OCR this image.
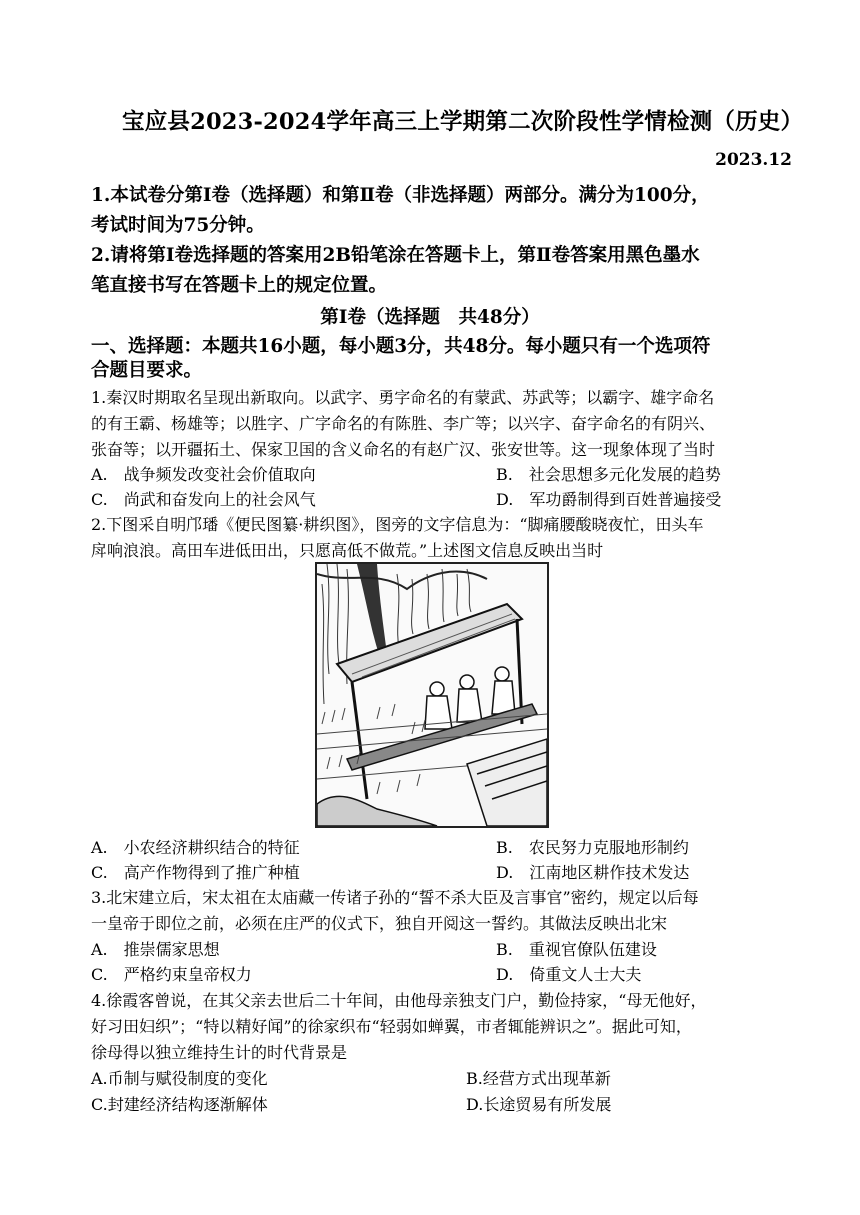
宝应县2023-2024学年高三上学期第二次阶段性学情检测（历史）
2023.12
1.本试卷分第Ⅰ卷（选择题）和第Ⅱ卷（非选择题）两部分。满分为100分，
考试时间为75分钟。
2.请将第Ⅰ卷选择题的答案用2B铅笔涂在答题卡上，第Ⅱ卷答案用黑色墨水
笔直接书写在答题卡上的规定位置。
第Ⅰ卷（选择题　共48分）
一、选择题：本题共16小题，每小题3分，共48分。每小题只有一个选项符
合题目要求。
1.秦汉时期取名呈现出新取向。以武字、勇字命名的有蒙武、苏武等；以霸字、雄字命名
的有王霸、杨雄等；以胜字、广字命名的有陈胜、李广等；以兴字、奋字命名的有阴兴、
张奋等；以开疆拓土、保家卫国的含义命名的有赵广汉、张安世等。这一现象体现了当时
A.　战争频发改变社会价值取向	B.　社会思想多元化发展的趋势
C.　尚武和奋发向上的社会风气	D.　军功爵制得到百姓普遍接受
2.下图采自明邝璠《便民图纂·耕织图》，图旁的文字信息为：“脚痛腰酸晓夜忙，田头车
戽响浪浪。高田车进低田出，只愿高低不做荒。”上述图文信息反映出当时
A.　小农经济耕织结合的特征	B.　农民努力克服地形制约
C.　高产作物得到了推广种植	D.　江南地区耕作技术发达
3.北宋建立后，宋太祖在太庙藏一传诸子孙的“誓不杀大臣及言事官”密约，规定以后每
一皇帝于即位之前，必须在庄严的仪式下，独自开阅这一誓约。其做法反映出北宋
A.　推崇儒家思想	B.　重视官僚队伍建设
C.　严格约束皇帝权力	D.　倚重文人士大夫
4.徐霞客曾说，在其父亲去世后二十年间，由他母亲独支门户，勤俭持家，“母无他好，
好习田妇织”；“特以精好闻”的徐家织布“轻弱如蝉翼，市者辄能辨识之”。据此可知，
徐母得以独立维持生计的时代背景是
A.币制与赋役制度的变化	B.经营方式出现革新
C.封建经济结构逐渐解体	D.长途贸易有所发展
